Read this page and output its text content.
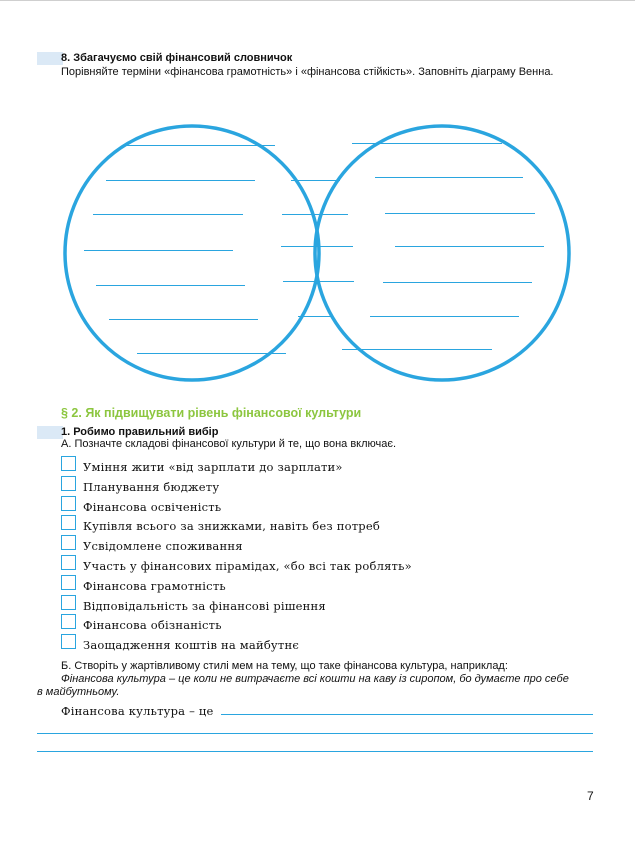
8. Збагачуємо свій фінансовий словничок
Порівняйте терміни «фінансова грамотність» і «фінансова стійкість». Заповніть діаграму Венна.
§ 2. Як підвищувати рівень фінансової культури
1. Робимо правильний вибір
А. Позначте складові фінансової культури й те, що вона включає.
Уміння жити «від зарплати до зарплати»
Планування бюджету
Фінансова освіченість
Купівля всього за знижками, навіть без потреб
Усвідомлене споживання
Участь у фінансових пірамідах, «бо всі так роблять»
Фінансова грамотність
Відповідальність за фінансові рішення
Фінансова обізнаність
Заощадження коштів на майбутнє
Б. Створіть у жартівливому стилі мем на тему, що таке фінансова культура, наприклад:
Фінансова культура – це коли не витрачаєте всі кошти на каву із сиропом, бо думаєте про себе
в майбутньому.
Фінансова культура – це
7
